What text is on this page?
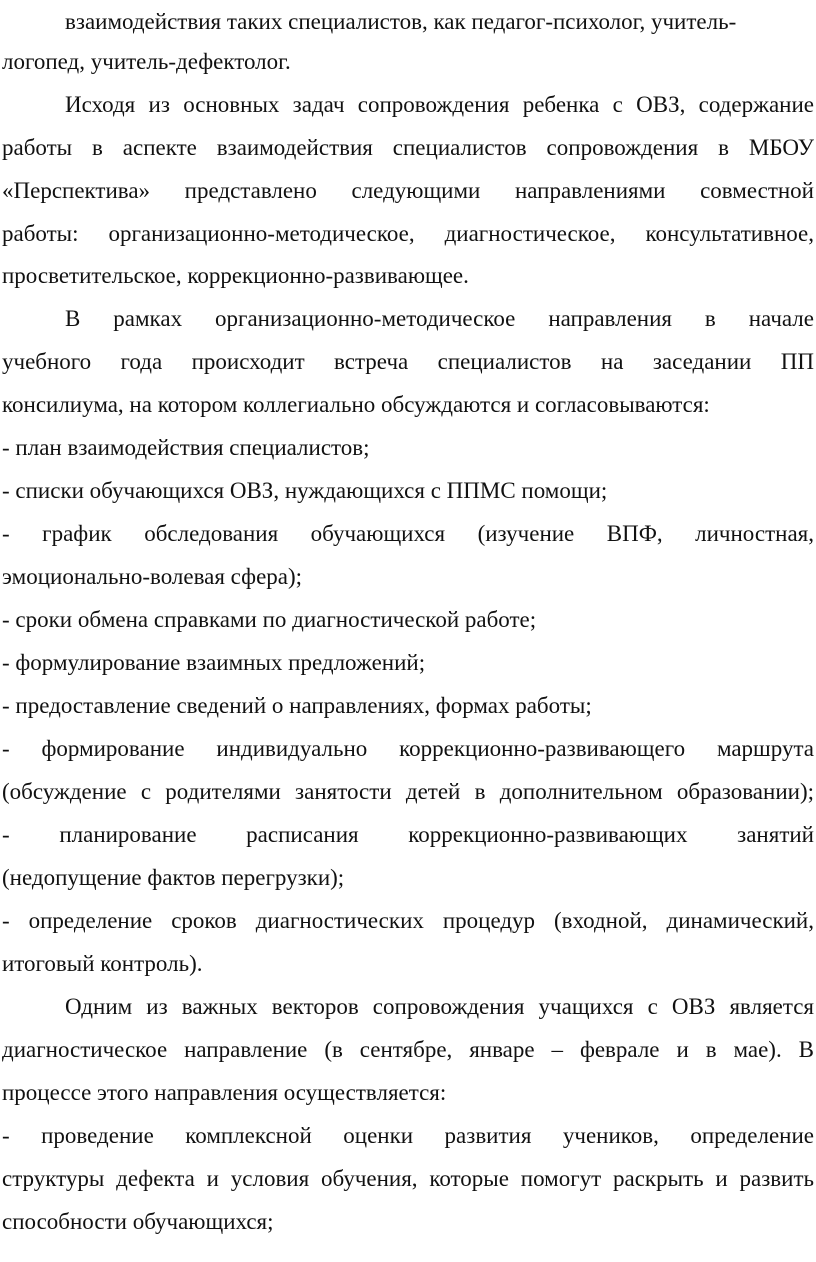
взаимодействия таких специалистов, как педагог-психолог, учитель-
логопед, учитель-дефектолог.
Исходя из основных задач сопровождения ребенка с ОВЗ, содержание
работы в аспекте взаимодействия специалистов сопровождения в МБОУ
«Перспектива» представлено следующими направлениями совместной
работы: организационно-методическое, диагностическое, консультативное,
просветительское, коррекционно-развивающее.
В рамках организационно-методическое направления в начале
учебного года происходит встреча специалистов на заседании ПП
консилиума, на котором коллегиально обсуждаются и согласовываются:
- план взаимодействия специалистов;
- списки обучающихся ОВЗ, нуждающихся с ППМС помощи;
- график обследования обучающихся (изучение ВПФ, личностная,
эмоционально-волевая сфера);
- сроки обмена справками по диагностической работе;
- формулирование взаимных предложений;
- предоставление сведений о направлениях, формах работы;
- формирование индивидуально коррекционно-развивающего маршрута
(обсуждение с родителями занятости детей в дополнительном образовании);
- планирование расписания коррекционно-развивающих занятий
(недопущение фактов перегрузки);
- определение сроков диагностических процедур (входной, динамический,
итоговый контроль).
Одним из важных векторов сопровождения учащихся с ОВЗ является
диагностическое направление (в сентябре, январе – феврале и в мае). В
процессе этого направления осуществляется:
- проведение комплексной оценки развития учеников, определение
структуры дефекта и условия обучения, которые помогут раскрыть и развить
способности обучающихся;
